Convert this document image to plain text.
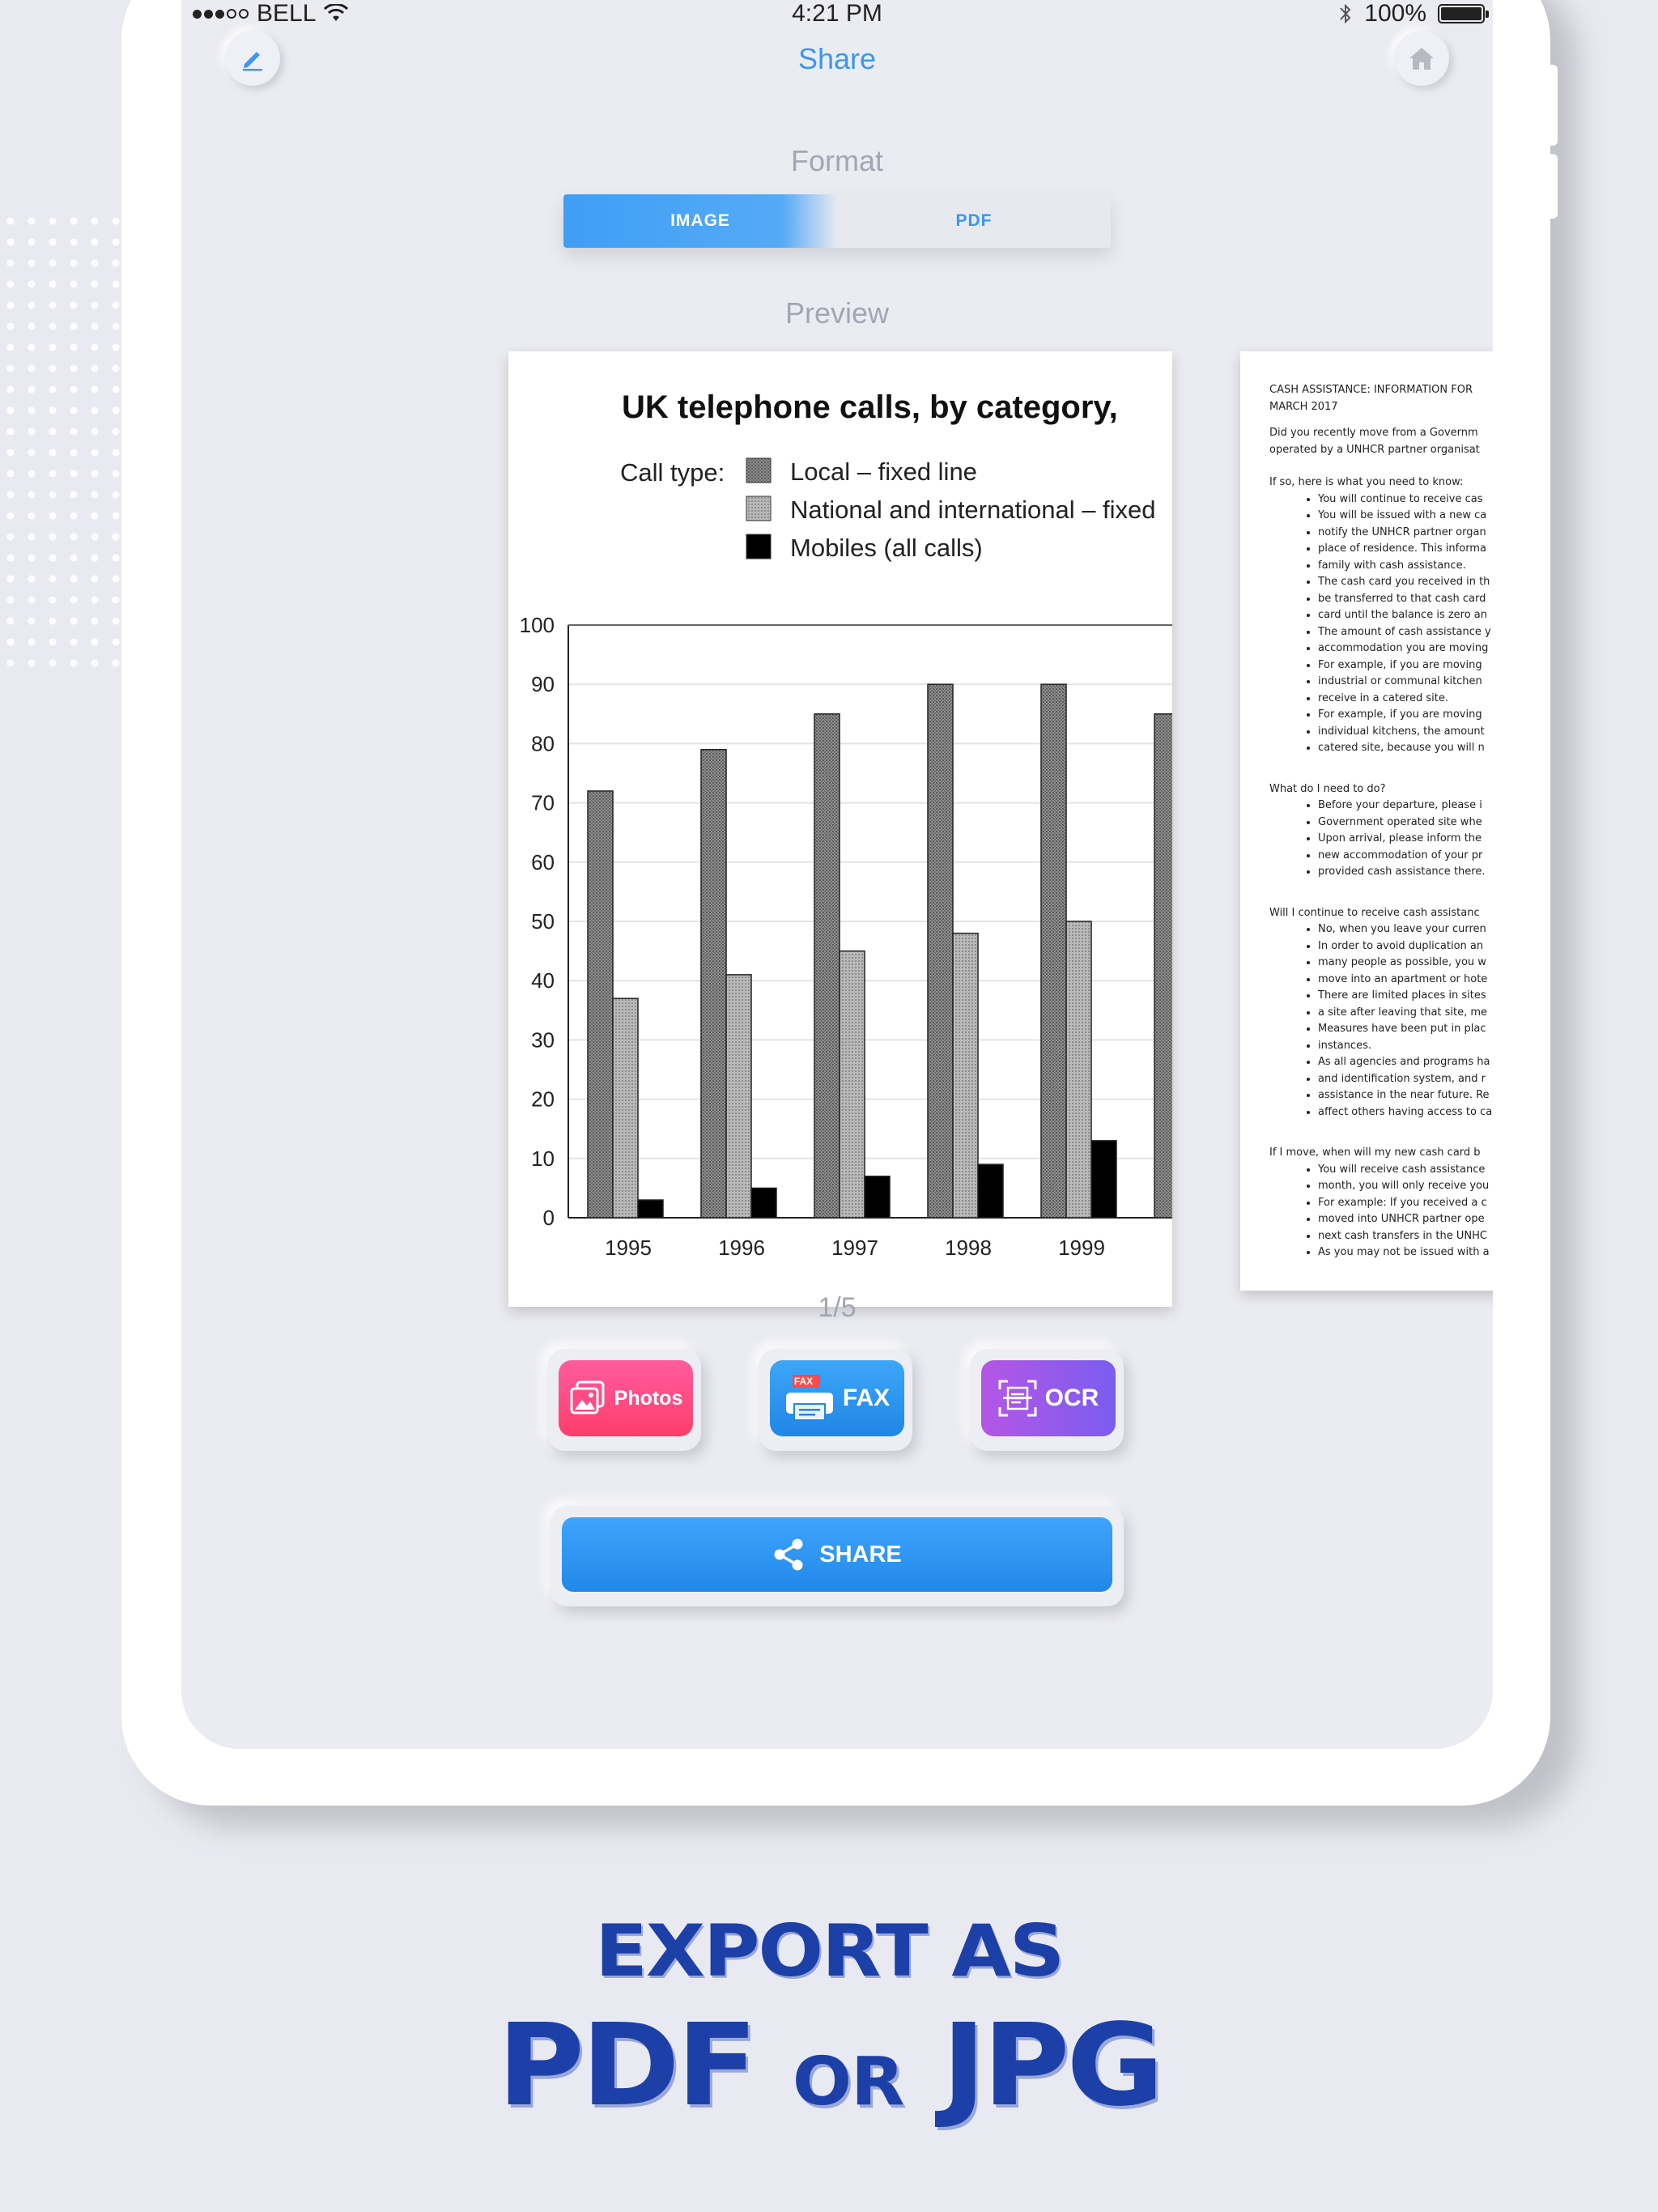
BELL	4:21 PM	100%
Share
Format
IMAGE	PDF
Preview
UK telephone calls, by category,
Call type:	Local – fixed line
National and international – fixed
Mobiles (all calls)
0
10
20
30
40
50
60
70
80
90
100
1995	1996	1997	1998	1999

CASH ASSISTANCE: INFORMATION FOR

MARCH 2017

Did you recently move from a Governm

operated by a UNHCR partner organisat

If so, here is what you need to know:

• You will continue to receive cas
• You will be issued with a new ca
• notify the UNHCR partner organ
• place of residence. This informa
• family with cash assistance.
• The cash card you received in th
• be transferred to that cash card
• card until the balance is zero an
• The amount of cash assistance y
• accommodation you are moving
• For example, if you are moving
• industrial or communal kitchen
• receive in a catered site.
• For example, if you are moving
• individual kitchens, the amount
• catered site, because you will n

What do I need to do?

• Before your departure, please i
• Government operated site whe
• Upon arrival, please inform the
• new accommodation of your pr
• provided cash assistance there.

Will I continue to receive cash assistanc

• No, when you leave your curren
• In order to avoid duplication an
• many people as possible, you w
• move into an apartment or hote
• There are limited places in sites
• a site after leaving that site, me
• Measures have been put in plac
• instances.
• As all agencies and programs ha
• and identification system, and r
• assistance in the near future. Re
• affect others having access to ca

If I move, when will my new cash card b

• You will receive cash assistance
• month, you will only receive you
• For example: If you received a c
• moved into UNHCR partner ope
• next cash transfers in the UNHC
• As you may not be issued with a
1/5
Photos
FAX
FAX	OCR
SHARE
EXPORT AS
PDF OR JPG
